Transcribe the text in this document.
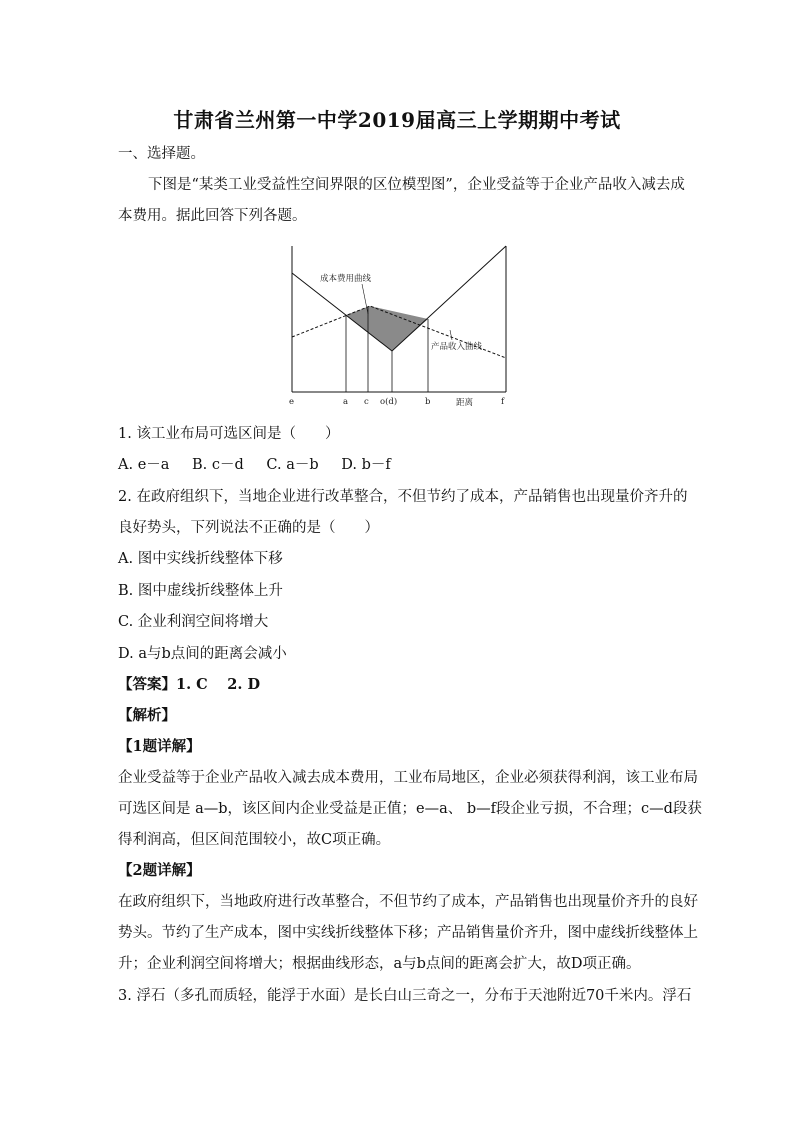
甘肃省兰州第一中学2019届高三上学期期中考试
一、选择题。
下图是“某类工业受益性空间界限的区位模型图”，企业受益等于企业产品收入减去成
本费用。据此回答下列各题。
成本费用曲线
产品收入曲线
e	a c o(d)	b	距离	f
1. 该工业布局可选区间是（　　）
A. e－a B. c－d C. a－b D. b－f
2. 在政府组织下，当地企业进行改革整合，不但节约了成本，产品销售也出现量价齐升的
良好势头，下列说法不正确的是（　　）
A. 图中实线折线整体下移
B. 图中虚线折线整体上升
C. 企业利润空间将增大
D. a与b点间的距离会减小
【答案】1. C　 2. D
【解析】
【1题详解】
企业受益等于企业产品收入减去成本费用，工业布局地区，企业必须获得利润，该工业布局
可选区间是 a—b，该区间内企业受益是正值；e—a、 b—f段企业亏损，不合理；c—d段获
得利润高，但区间范围较小，故C项正确。
【2题详解】
在政府组织下，当地政府进行改革整合，不但节约了成本，产品销售也出现量价齐升的良好
势头。节约了生产成本，图中实线折线整体下移；产品销售量价齐升，图中虚线折线整体上
升；企业利润空间将增大；根据曲线形态，a与b点间的距离会扩大，故D项正确。
3. 浮石（多孔而质轻，能浮于水面）是长白山三奇之一，分布于天池附近70千米内。浮石
